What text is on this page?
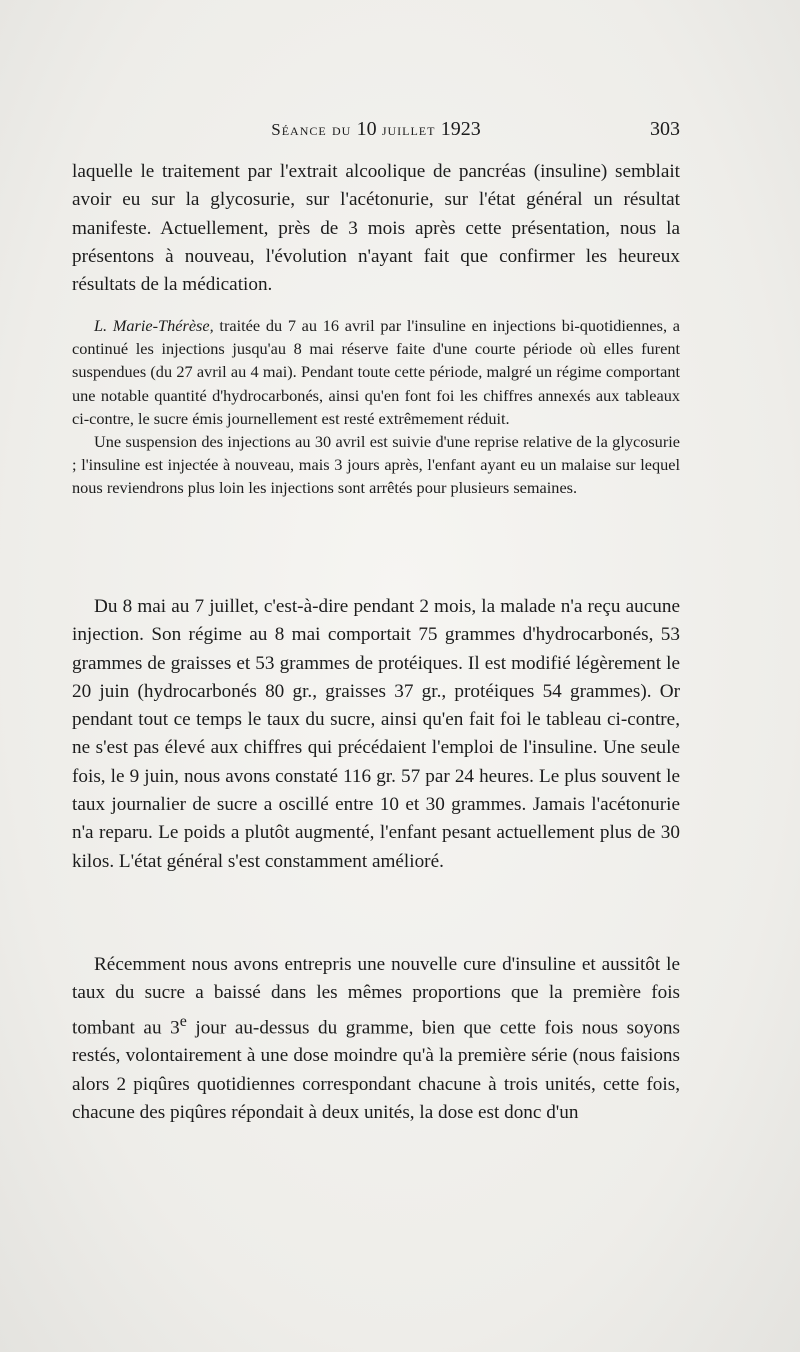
Séance du 10 juillet 1923	303

laquelle le traitement par l'extrait alcoolique de pancréas (insuline) semblait avoir eu sur la glycosurie, sur l'acétonurie, sur l'état général un résultat manifeste. Actuellement, près de 3 mois après cette présentation, nous la présentons à nouveau, l'évolution n'ayant fait que confirmer les heureux résultats de la médication.

L. Marie-Thérèse, traitée du 7 au 16 avril par l'insuline en injections bi-quotidiennes, a continué les injections jusqu'au 8 mai réserve faite d'une courte période où elles furent suspendues (du 27 avril au 4 mai). Pendant toute cette période, malgré un régime comportant une notable quantité d'hydrocarbonés, ainsi qu'en font foi les chiffres annexés aux tableaux ci-contre, le sucre émis journellement est resté extrêmement réduit.

Une suspension des injections au 30 avril est suivie d'une reprise relative de la glycosurie ; l'insuline est injectée à nouveau, mais 3 jours après, l'enfant ayant eu un malaise sur lequel nous reviendrons plus loin les injections sont arrêtés pour plusieurs semaines.

Du 8 mai au 7 juillet, c'est-à-dire pendant 2 mois, la malade n'a reçu aucune injection. Son régime au 8 mai comportait 75 grammes d'hydrocarbonés, 53 grammes de graisses et 53 grammes de protéiques. Il est modifié légèrement le 20 juin (hydrocarbonés 80 gr., graisses 37 gr., protéiques 54 grammes). Or pendant tout ce temps le taux du sucre, ainsi qu'en fait foi le tableau ci-contre, ne s'est pas élevé aux chiffres qui précédaient l'emploi de l'insuline. Une seule fois, le 9 juin, nous avons constaté 116 gr. 57 par 24 heures. Le plus souvent le taux journalier de sucre a oscillé entre 10 et 30 grammes. Jamais l'acétonurie n'a reparu. Le poids a plutôt augmenté, l'enfant pesant actuellement plus de 30 kilos. L'état général s'est constamment amélioré.

Récemment nous avons entrepris une nouvelle cure d'insuline et aussitôt le taux du sucre a baissé dans les mêmes proportions que la première fois tombant au 3e jour au-dessus du gramme, bien que cette fois nous soyons restés, volontairement à une dose moindre qu'à la première série (nous faisions alors 2 piqûres quotidiennes correspondant chacune à trois unités, cette fois, chacune des piqûres répondait à deux unités, la dose est donc d'un
